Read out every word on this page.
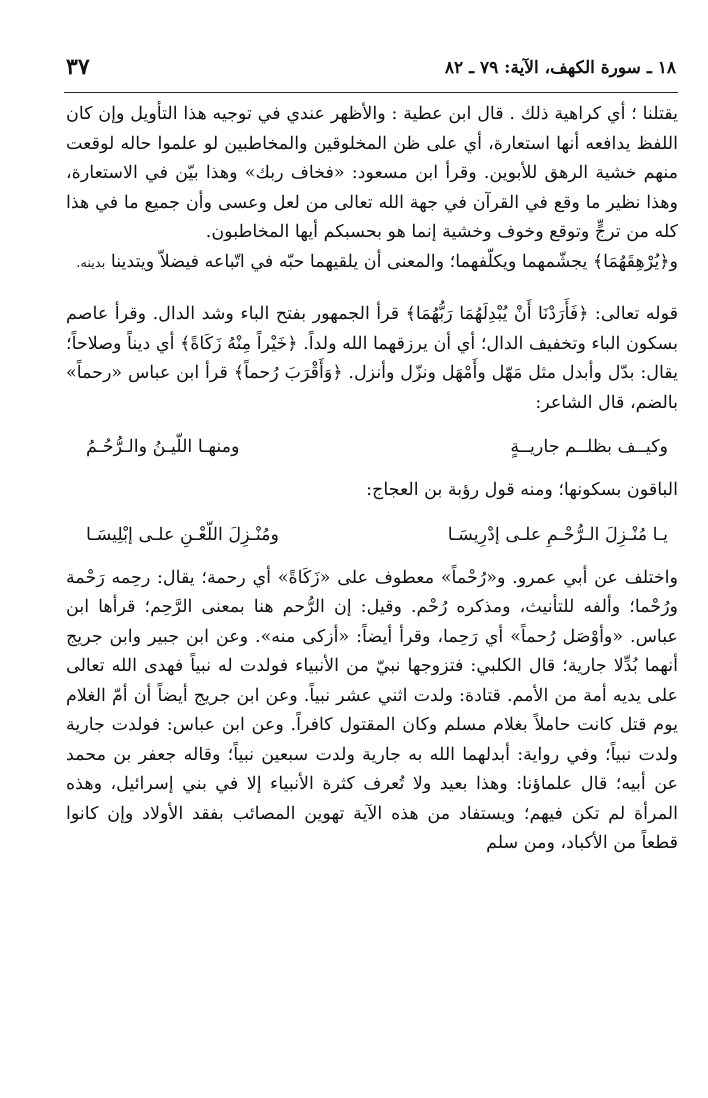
١٨ ـ سورة الكهف، الآية: ٧٩ ـ ٨٢
٣٧

يقتلنا ؛ أي كراهية ذلك . قال ابن عطية : والأظهر عندي في توجيه هذا التأويل وإن كان اللفظ يدافعه أنها استعارة، أي على ظن المخلوقين والمخاطبين لو علموا حاله لوقعت منهم خشية الرهق للأبوين. وقرأ ابن مسعود: «فخاف ربك» وهذا بيّن في الاستعارة، وهذا نظير ما وقع في القرآن في جهة الله تعالى من لعل وعسى وأن جميع ما في هذا كله من ترجٍّ وتوقع وخوف وخشية إنما هو بحسبكم أيها المخاطبون.

و﴿يُرْهِقَهُمَا﴾ يجشّمهما ويكلّفهما؛ والمعنى أن يلقيهما حبّه في اتّباعه فيضلاّ ويتدينا بدينه.

قوله تعالى: ﴿فَأَرَدْنَا أَنْ يُبْدِلَهُمَا رَبُّهُمَا﴾ قرأ الجمهور بفتح الباء وشد الدال. وقرأ عاصم بسكون الباء وتخفيف الدال؛ أي أن يرزقهما الله ولداً. ﴿خَيْراً مِنْهُ زَكَاةً﴾ أي ديناً وصلاحاً؛ يقال: بدّل وأبدل مثل مَهّل وأَمْهَل ونزّل وأنزل. ﴿وَأَقْرَبَ رُحماً﴾ قرأ ابن عباس «رحماً» بالضم، قال الشاعر:

وكيــف بظلــم جاريــةٍ
ومنهـا اللّيـنُ والـرُّحُـمُ

الباقون بسكونها؛ ومنه قول رؤبة بن العجاج:

يـا مُنْـزِلَ الـرُّحْـمِ علـى إدْرِيسَـا
ومُنْـزِلَ اللّعْـنِ علـى إبْلِيسَـا

واختلف عن أبي عمرو. و«رُحْماً» معطوف على «زَكَاةً» أي رحمة؛ يقال: رحِمه رَحْمة ورُحْما؛ وألفه للتأنيث، ومذكره رُحْم. وقيل: إن الرُّحم هنا بمعنى الرَّحِم؛ قرأها ابن عباس. «وأوْصَل رُحماً» أي رَحِما، وقرأ أيضاً: «أزكى منه». وعن ابن جبير وابن جريج أنهما بُدِّلا جارية؛ قال الكلبي: فتزوجها نبيّ من الأنبياء فولدت له نبياً فهدى الله تعالى على يديه أمة من الأمم. قتادة: ولدت اثني عشر نبياً. وعن ابن جريج أيضاً أن أمّ الغلام يوم قتل كانت حاملاً بغلام مسلم وكان المقتول كافراً. وعن ابن عباس: فولدت جارية ولدت نبياً؛ وفي رواية: أبدلهما الله به جارية ولدت سبعين نبياً؛ وقاله جعفر بن محمد عن أبيه؛ قال علماؤنا: وهذا بعيد ولا تُعرف كثرة الأنبياء إلا في بني إسرائيل، وهذه المرأة لم تكن فيهم؛ ويستفاد من هذه الآية تهوين المصائب بفقد الأولاد وإن كانوا قطعاً من الأكباد، ومن سلم
